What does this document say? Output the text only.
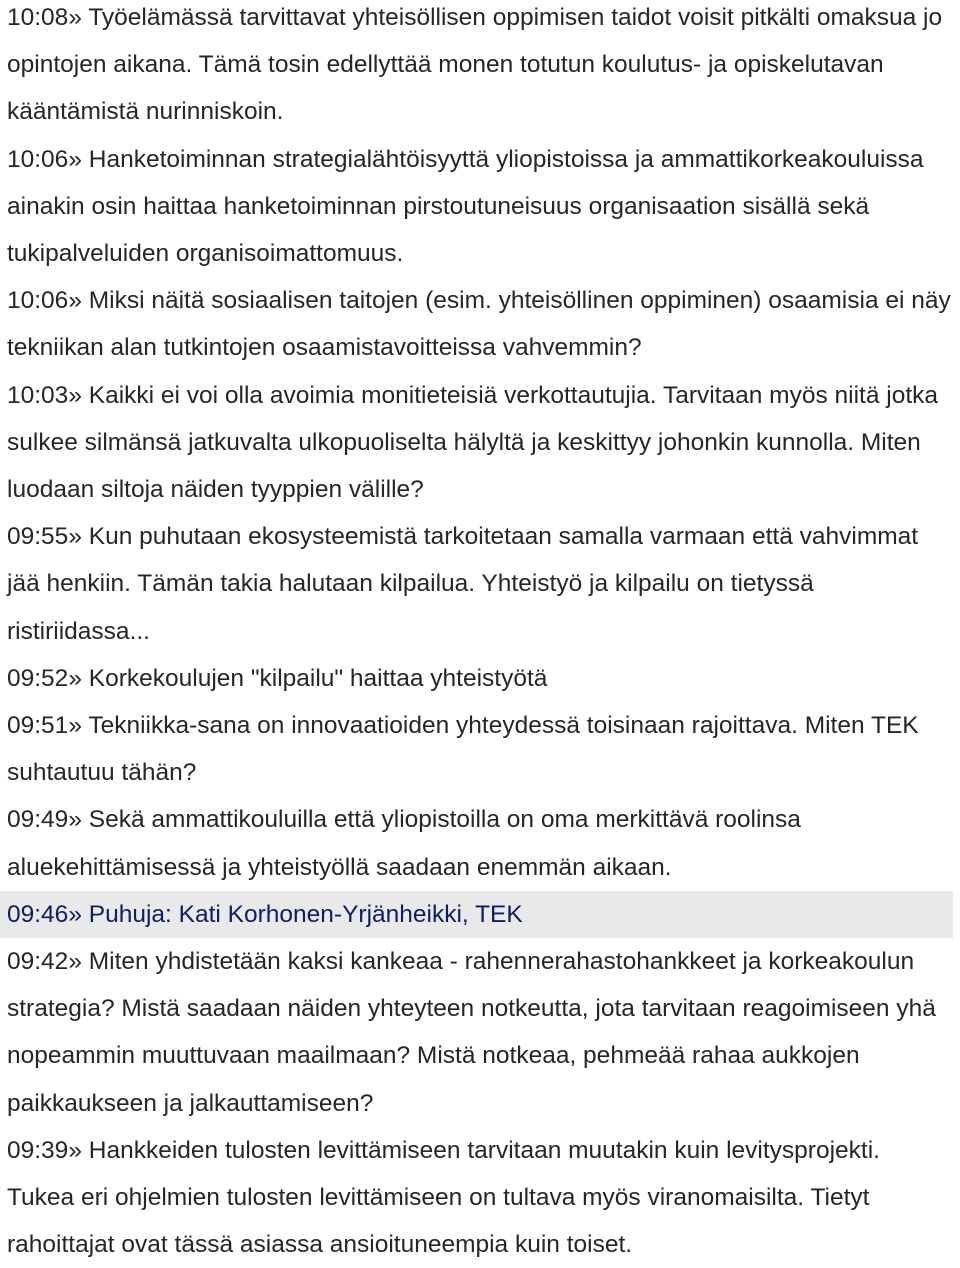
10:08» Työelämässä tarvittavat yhteisöllisen oppimisen taidot voisit pitkälti omaksua jo opintojen aikana. Tämä tosin edellyttää monen totutun koulutus- ja opiskelutavan kääntämistä nurinniskoin.

10:06» Hanketoiminnan strategialähtöisyyttä yliopistoissa ja ammattikorkeakouluissa ainakin osin haittaa hanketoiminnan pirstoutuneisuus organisaation sisällä sekä tukipalveluiden organisoimattomuus.

10:06» Miksi näitä sosiaalisen taitojen (esim. yhteisöllinen oppiminen) osaamisia ei näy tekniikan alan tutkintojen osaamistavoitteissa vahvemmin?

10:03» Kaikki ei voi olla avoimia monitieteisiä verkottautujia. Tarvitaan myös niitä jotka sulkee silmänsä jatkuvalta ulkopuoliselta hälyltä ja keskittyy johonkin kunnolla. Miten luodaan siltoja näiden tyyppien välille?

09:55» Kun puhutaan ekosysteemistä tarkoitetaan samalla varmaan että vahvimmat jää henkiin. Tämän takia halutaan kilpailua. Yhteistyö ja kilpailu on tietyssä ristiriidassa...

09:52» Korkekoulujen "kilpailu" haittaa yhteistyötä

09:51» Tekniikka-sana on innovaatioiden yhteydessä toisinaan rajoittava. Miten TEK suhtautuu tähän?

09:49» Sekä ammattikouluilla että yliopistoilla on oma merkittävä roolinsa aluekehittämisessä ja yhteistyöllä saadaan enemmän aikaan.

09:46» Puhuja: Kati Korhonen-Yrjänheikki, TEK

09:42» Miten yhdistetään kaksi kankeaa - rahennerahastohankkeet ja korkeakoulun strategia? Mistä saadaan näiden yhteyteen notkeutta, jota tarvitaan reagoimiseen yhä nopeammin muuttuvaan maailmaan? Mistä notkeaa, pehmeää rahaa aukkojen paikkaukseen ja jalkauttamiseen?

09:39» Hankkeiden tulosten levittämiseen tarvitaan muutakin kuin levitysprojekti. Tukea eri ohjelmien tulosten levittämiseen on tultava myös viranomaisilta. Tietyt rahoittajat ovat tässä asiassa ansioituneempia kuin toiset.
